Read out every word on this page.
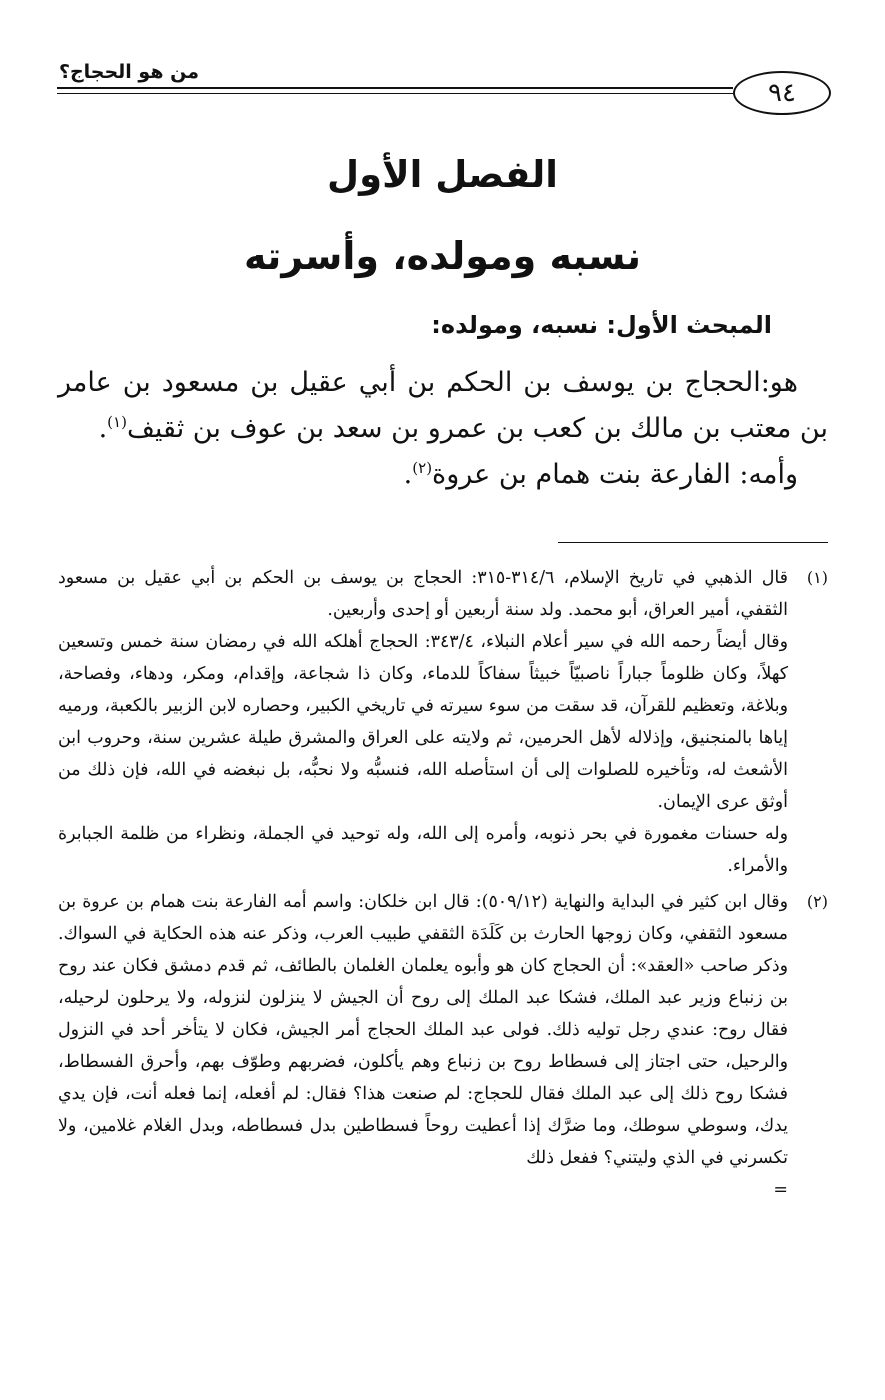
من هو الحجاج؟
٩٤
الفصل الأول
نسبه ومولده، وأسرته
المبحث الأول: نسبه، ومولده:

هو:الحجاج بن يوسف بن الحكم بن أبي عقيل بن مسعود بن عامر بن معتب بن مالك بن كعب بن عمرو بن سعد بن عوف بن ثقيف$^{(١)}$.

وأمه: الفارعة بنت همام بن عروة$^{(٢)}$.

(١)

قال الذهبي في تاريخ الإسلام، ٣١٤/٦-٣١٥: الحجاج بن يوسف بن الحكم بن أبي عقيل بن مسعود الثقفي، أمير العراق، أبو محمد. ولد سنة أربعين أو إحدى وأربعين.

وقال أيضاً رحمه الله في سير أعلام النبلاء، ٣٤٣/٤: الحجاج أهلكه الله في رمضان سنة خمس وتسعين كهلاً، وكان ظلوماً جباراً ناصبيّاً خبيثاً سفاكاً للدماء، وكان ذا شجاعة، وإقدام، ومكر، ودهاء، وفصاحة، وبلاغة، وتعظيم للقرآن، قد سقت من سوء سيرته في تاريخي الكبير، وحصاره لابن الزبير بالكعبة، ورميه إياها بالمنجنيق، وإذلاله لأهل الحرمين، ثم ولايته على العراق والمشرق طيلة عشرين سنة، وحروب ابن الأشعث له، وتأخيره للصلوات إلى أن استأصله الله، فنسبُّه ولا نحبُّه، بل نبغضه في الله، فإن ذلك من أوثق عرى الإيمان.

وله حسنات مغمورة في بحر ذنوبه، وأمره إلى الله، وله توحيد في الجملة، ونظراء من ظلمة الجبابرة والأمراء.

(٢)

وقال ابن كثير في البداية والنهاية (٥٠٩/١٢): قال ابن خلكان: واسم أمه الفارعة بنت همام بن عروة بن مسعود الثقفي، وكان زوجها الحارث بن كَلَدَة الثقفي طبيب العرب، وذكر عنه هذه الحكاية في السواك. وذكر صاحب «العقد»: أن الحجاج كان هو وأبوه يعلمان الغلمان بالطائف، ثم قدم دمشق فكان عند روح بن زنباع وزير عبد الملك، فشكا عبد الملك إلى روح أن الجيش لا ينزلون لنزوله، ولا يرحلون لرحيله، فقال روح: عندي رجل توليه ذلك. فولى عبد الملك الحجاج أمر الجيش، فكان لا يتأخر أحد في النزول والرحيل، حتى اجتاز إلى فسطاط روح بن زنباع وهم يأكلون، فضربهم وطوّف بهم، وأحرق الفسطاط، فشكا روح ذلك إلى عبد الملك فقال للحجاج: لم صنعت هذا؟ فقال: لم أفعله، إنما فعله أنت، فإن يدي يدك، وسوطي سوطك، وما ضرَّك إذا أعطيت روحاً فسطاطين بدل فسطاطه، وبدل الغلام غلامين، ولا تكسرني في الذي وليتني؟ ففعل ذلك

=
